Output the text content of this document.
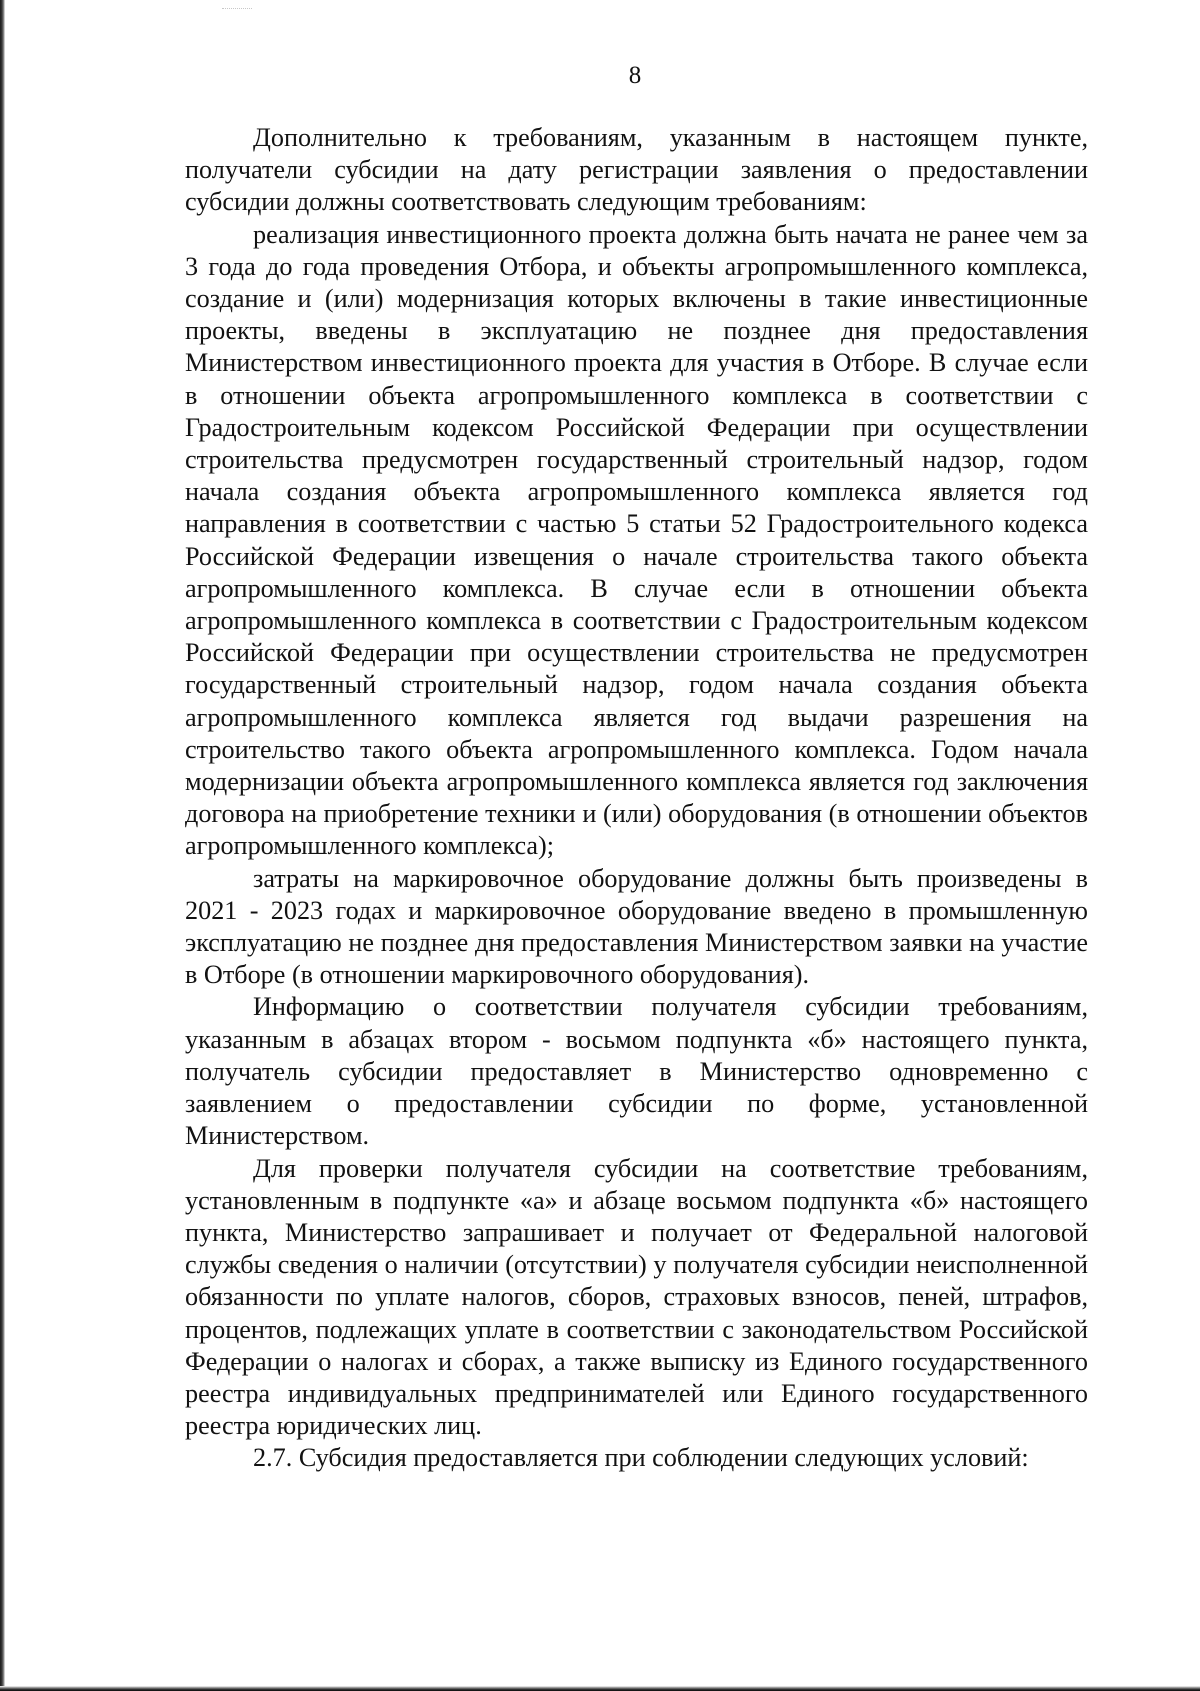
8

Дополнительно к требованиям, указанным в настоящем пункте, получатели субсидии на дату регистрации заявления о предоставлении субсидии должны соответствовать следующим требованиям:

реализация инвестиционного проекта должна быть начата не ранее чем за 3 года до года проведения Отбора, и объекты агропромышленного комплекса, создание и (или) модернизация которых включены в такие инвестиционные проекты, введены в эксплуатацию не позднее дня предоставления Министерством инвестиционного проекта для участия в Отборе. В случае если в отношении объекта агропромышленного комплекса в соответствии с Градостроительным кодексом Российской Федерации при осуществлении строительства предусмотрен государственный строительный надзор, годом начала создания объекта агропромышленного комплекса является год направления в соответствии с частью 5 статьи 52 Градостроительного кодекса Российской Федерации извещения о начале строительства такого объекта агропромышленного комплекса. В случае если в отношении объекта агропромышленного комплекса в соответствии с Градостроительным кодексом Российской Федерации при осуществлении строительства не предусмотрен государственный строительный надзор, годом начала создания объекта агропромышленного комплекса является год выдачи разрешения на строительство такого объекта агропромышленного комплекса. Годом начала модернизации объекта агропромышленного комплекса является год заключения договора на приобретение техники и (или) оборудования (в отношении объектов агропромышленного комплекса);

затраты на маркировочное оборудование должны быть произведены в 2021 - 2023 годах и маркировочное оборудование введено в промышленную эксплуатацию не позднее дня предоставления Министерством заявки на участие в Отборе (в отношении маркировочного оборудования).

Информацию о соответствии получателя субсидии требованиям, указанным в абзацах втором - восьмом подпункта «б» настоящего пункта, получатель субсидии предоставляет в Министерство одновременно с заявлением о предоставлении субсидии по форме, установленной Министерством.

Для проверки получателя субсидии на соответствие требованиям, установленным в подпункте «а» и абзаце восьмом подпункта «б» настоящего пункта, Министерство запрашивает и получает от Федеральной налоговой службы сведения о наличии (отсутствии) у получателя субсидии неисполненной обязанности по уплате налогов, сборов, страховых взносов, пеней, штрафов, процентов, подлежащих уплате в соответствии с законодательством Российской Федерации о налогах и сборах, а также выписку из Единого государственного реестра индивидуальных предпринимателей или Единого государственного реестра юридических лиц.

2.7. Субсидия предоставляется при соблюдении следующих условий:
